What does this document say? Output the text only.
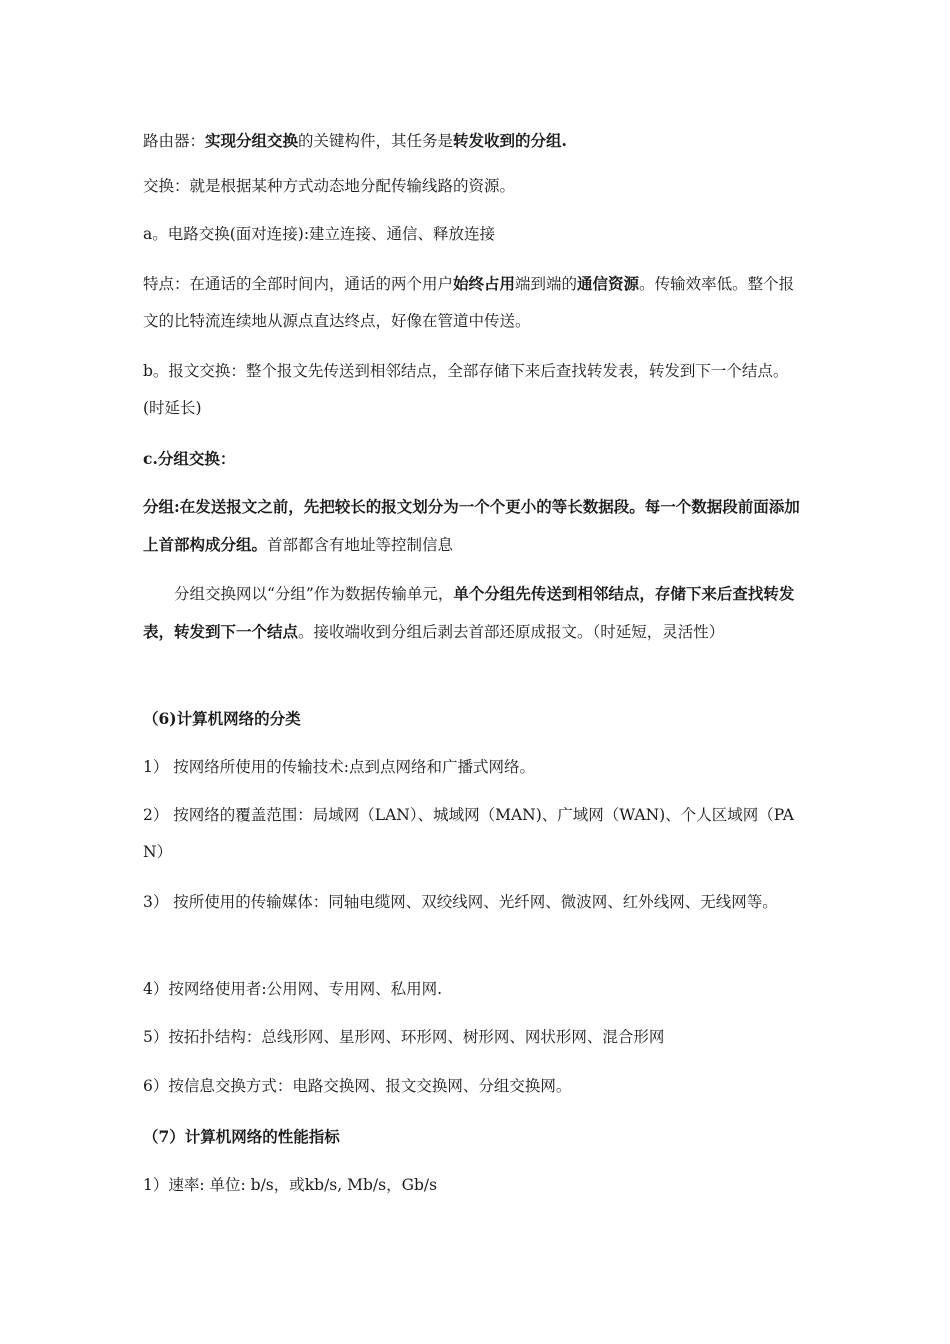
路由器：实现分组交换的关键构件，其任务是转发收到的分组.

交换：就是根据某种方式动态地分配传输线路的资源。

a。电路交换(面对连接):建立连接、通信、释放连接

特点：在通话的全部时间内，通话的两个用户始终占用端到端的通信资源。传输效率低。整个报文的比特流连续地从源点直达终点，好像在管道中传送。

b。报文交换：整个报文先传送到相邻结点，全部存储下来后查找转发表，转发到下一个结点。(时延长)

c.分组交换：

分组:在发送报文之前，先把较长的报文划分为一个个更小的等长数据段。每一个数据段前面添加上首部构成分组。首部都含有地址等控制信息

分组交换网以“分组”作为数据传输单元，单个分组先传送到相邻结点，存储下来后查找转发表，转发到下一个结点。接收端收到分组后剥去首部还原成报文。（时延短，灵活性）

（6)计算机网络的分类

1） 按网络所使用的传输技术:点到点网络和广播式网络。

2） 按网络的覆盖范围：局域网（LAN）、城域网（MAN)、广域网（WAN)、个人区域网（PAN）

3） 按所使用的传输媒体：同轴电缆网、双绞线网、光纤网、微波网、红外线网、无线网等。

4）按网络使用者:公用网、专用网、私用网.

5）按拓扑结构：总线形网、星形网、环形网、树形网、网状形网、混合形网

6）按信息交换方式：电路交换网、报文交换网、分组交换网。

（7）计算机网络的性能指标

1）速率: 单位: b/s，或kb/s, Mb/s，Gb/s
